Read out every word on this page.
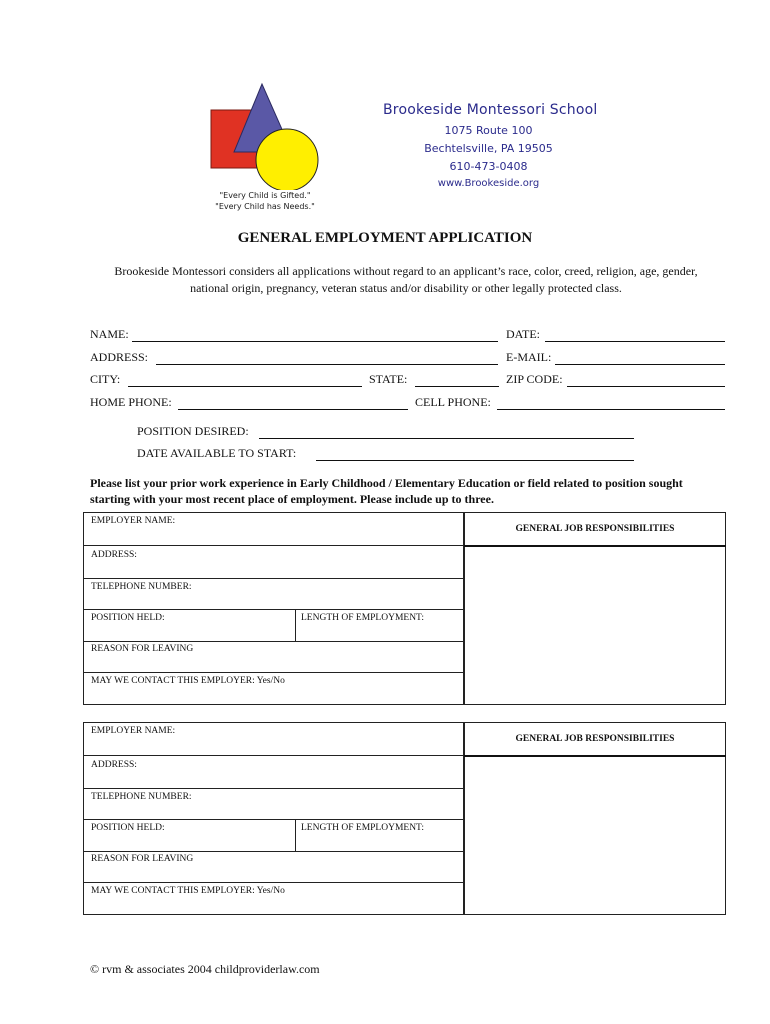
"Every Child is Gifted."
"Every Child has Needs."
Brookeside Montessori School
1075 Route 100
Bechtelsville, PA 19505
610-473-0408
www.Brookeside.org
GENERAL EMPLOYMENT APPLICATION
Brookeside Montessori considers all applications without regard to an applicant’s race, color, creed, religion, age, gender,
national origin, pregnancy, veteran status and/or disability or other legally protected class.
NAME:	DATE:
ADDRESS:	E-MAIL:
CITY:	STATE:	ZIP CODE:
HOME PHONE:	CELL PHONE:
POSITION DESIRED:
DATE AVAILABLE TO START:
Please list your prior work experience in Early Childhood / Elementary Education or field related to position sought
starting with your most recent place of employment. Please include up to three.
EMPLOYER NAME:
ADDRESS:
TELEPHONE NUMBER:
POSITION HELD:	LENGTH OF EMPLOYMENT:
REASON FOR LEAVING
MAY WE CONTACT THIS EMPLOYER: Yes/No
GENERAL JOB RESPONSIBILITIES
EMPLOYER NAME:
ADDRESS:
TELEPHONE NUMBER:
POSITION HELD:	LENGTH OF EMPLOYMENT:
REASON FOR LEAVING
MAY WE CONTACT THIS EMPLOYER: Yes/No
GENERAL JOB RESPONSIBILITIES
© rvm & associates 2004 childproviderlaw.com
